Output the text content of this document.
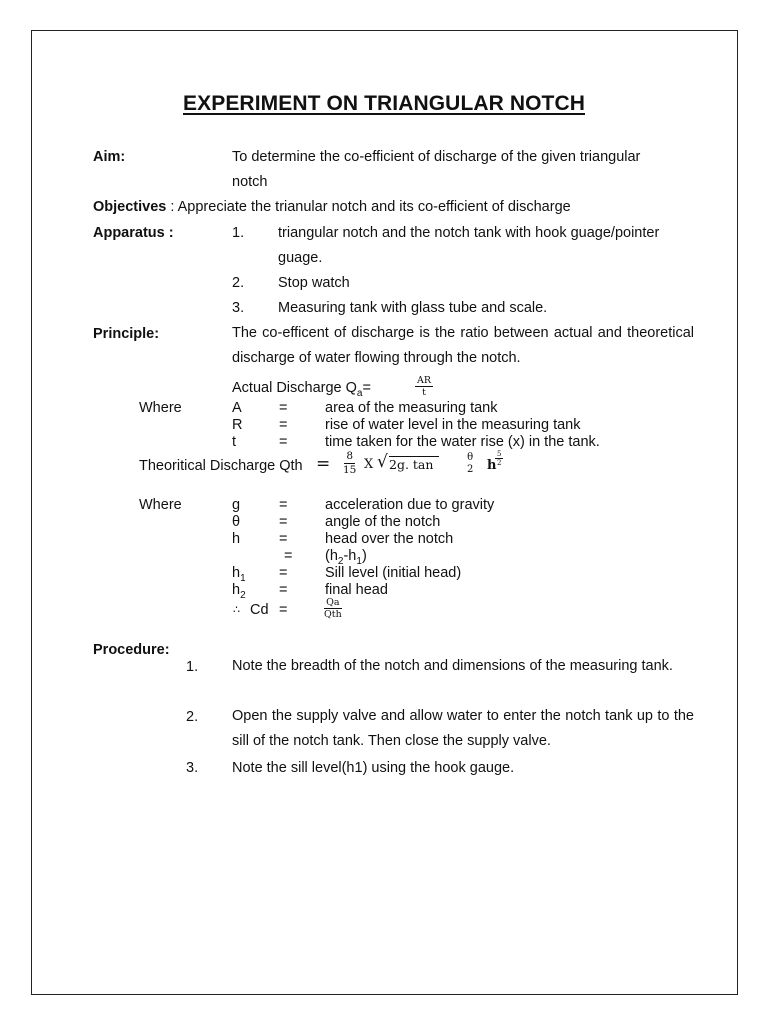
EXPERIMENT ON TRIANGULAR NOTCH
Aim:	To determine the co-efficient of discharge of the given triangular
notch
Objectives : Appreciate the trianular notch and its co-efficient of discharge
Apparatus :	1. triangular notch and the notch tank with hook guage/pointer
guage.
2. Stop watch
3. Measuring tank with glass tube and scale.
Principle:	The co-efficent of discharge is the ratio between actual and theoretical discharge of water flowing through the notch.
Actual Discharge $Q_a=$	$\frac{AR}{t}$
Where	A	=	area of the measuring tank
R	=	rise of water level in the measuring tank
t	=	time taken for the water rise (x) in the tank.
Theoritical Discharge Qth = $\frac{8}{15}$ X √ 2g. tan	θ
2 h
$\frac{5}{2}$
Where	g	=	acceleration due to gravity
θ	=	angle of the notch
h	=	head over the notch
= $(h_2-h_1)$
$h_1$ =	Sill level (initial head)
$h_2$ =	final head
∴ Cd =	Qa
Qth
Procedure:
1. Note the breadth of the notch and dimensions of the measuring tank.
2. Open the supply valve and allow water to enter the notch tank up to the sill of the notch tank. Then close the supply valve.
3. Note the sill level(h1) using the hook gauge.
